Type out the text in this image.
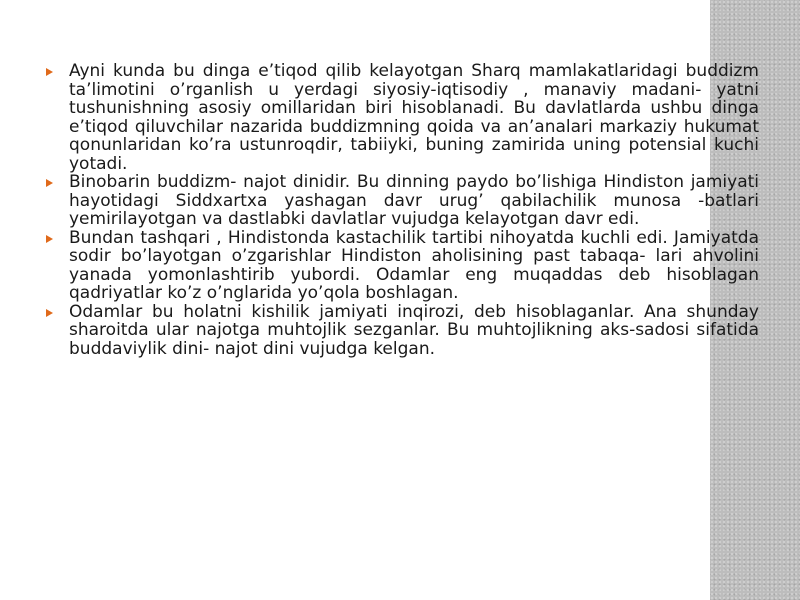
Ayni kunda bu dinga e’tiqod qilib kelayotgan Sharq mamlakatlaridagi buddizm ta’limotini o’rganlish u yerdagi siyosiy-iqtisodiy , manaviy madani- yatni tushunishning asosiy omillaridan biri hisoblanadi. Bu davlatlarda ushbu dinga e’tiqod qiluvchilar nazarida buddizmning qoida va an’analari markaziy hukumat qonunlaridan ko’ra ustunroqdir, tabiiyki, buning zamirida uning potensial kuchi yotadi.

Binobarin buddizm- najot dinidir. Bu dinning paydo bo’lishiga Hindiston jamiyati hayotidagi Siddxartxa yashagan davr urug’ qabilachilik munosa -batlari yemirilayotgan va dastlabki davlatlar vujudga kelayotgan davr edi.

Bundan tashqari , Hindistonda kastachilik tartibi nihoyatda kuchli edi. Jamiyatda sodir bo’layotgan o’zgarishlar Hindiston aholisining past tabaqa- lari ahvolini yanada yomonlashtirib yubordi. Odamlar eng muqaddas deb hisoblagan qadriyatlar ko’z o’nglarida yo’qola boshlagan.

Odamlar bu holatni kishilik jamiyati inqirozi, deb hisoblaganlar. Ana shunday sharoitda ular najotga muhtojlik sezganlar. Bu muhtojlikning aks-sadosi sifatida buddaviylik dini- najot dini vujudga kelgan.
